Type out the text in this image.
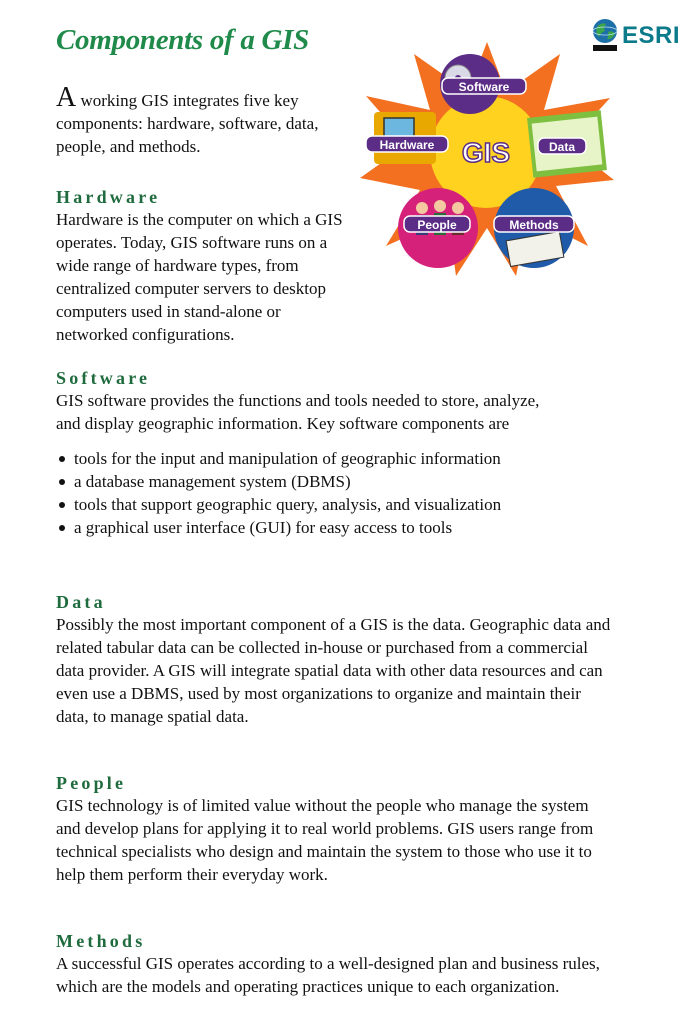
Components of a GIS	ESRI
Software
Hardware GIS	Data
People	Methods

A working GIS integrates five key components: hardware, software, data, people, and methods.

Hardware

Hardware is the computer on which a GIS operates. Today, GIS software runs on a wide range of hardware types, from centralized computer servers to desktop computers used in stand-alone or networked configurations.

Software

GIS software provides the functions and tools needed to store, analyze, and display geographic information. Key software components are

tools for the input and manipulation of geographic information
a database management system (DBMS)
tools that support geographic query, analysis, and visualization
a graphical user interface (GUI) for easy access to tools
Data

Possibly the most important component of a GIS is the data. Geographic data and related tabular data can be collected in-house or purchased from a commercial data provider. A GIS will integrate spatial data with other data resources and can even use a DBMS, used by most organizations to organize and maintain their data, to manage spatial data.

People

GIS technology is of limited value without the people who manage the system and develop plans for applying it to real world problems. GIS users range from technical specialists who design and maintain the system to those who use it to help them perform their everyday work.

Methods

A successful GIS operates according to a well-designed plan and business rules, which are the models and operating practices unique to each organization.
